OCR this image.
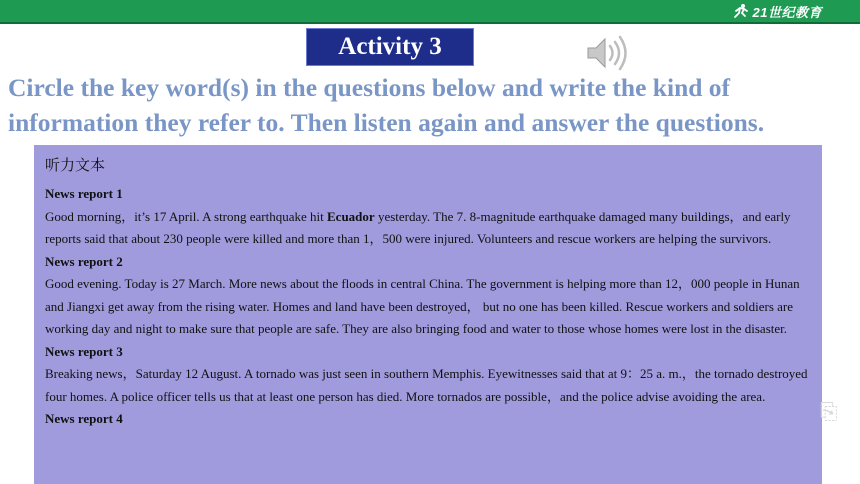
21世纪教育
Activity 3
Circle the key word(s) in the questions below and write the kind of
information they refer to. Then listen again and answer the questions.
听力文本
News report 1
Good morning，it’s 17 April. A strong earthquake hit Ecuador yesterday. The 7. 8-magnitude earthquake damaged many buildings，and early reports said that about 230 people were killed and more than 1，500 were injured. Volunteers and rescue workers are helping the survivors.
News report 2
Good evening. Today is 27 March. More news about the floods in central China. The government is helping more than 12，000 people in Hunan and Jiangxi get away from the rising water. Homes and land have been destroyed， but no one has been killed. Rescue workers and soldiers are working day and night to make sure that people are safe. They are also bringing food and water to those whose homes were lost in the disaster.
News report 3
Breaking news，Saturday 12 August. A tornado was just seen in southern Memphis. Eyewitnesses said that at 9：25 a. m.，the tornado destroyed four homes. A police officer tells us that at least one person has died. More tornados are possible，and the police advise avoiding the area.
News report 4	⎘
